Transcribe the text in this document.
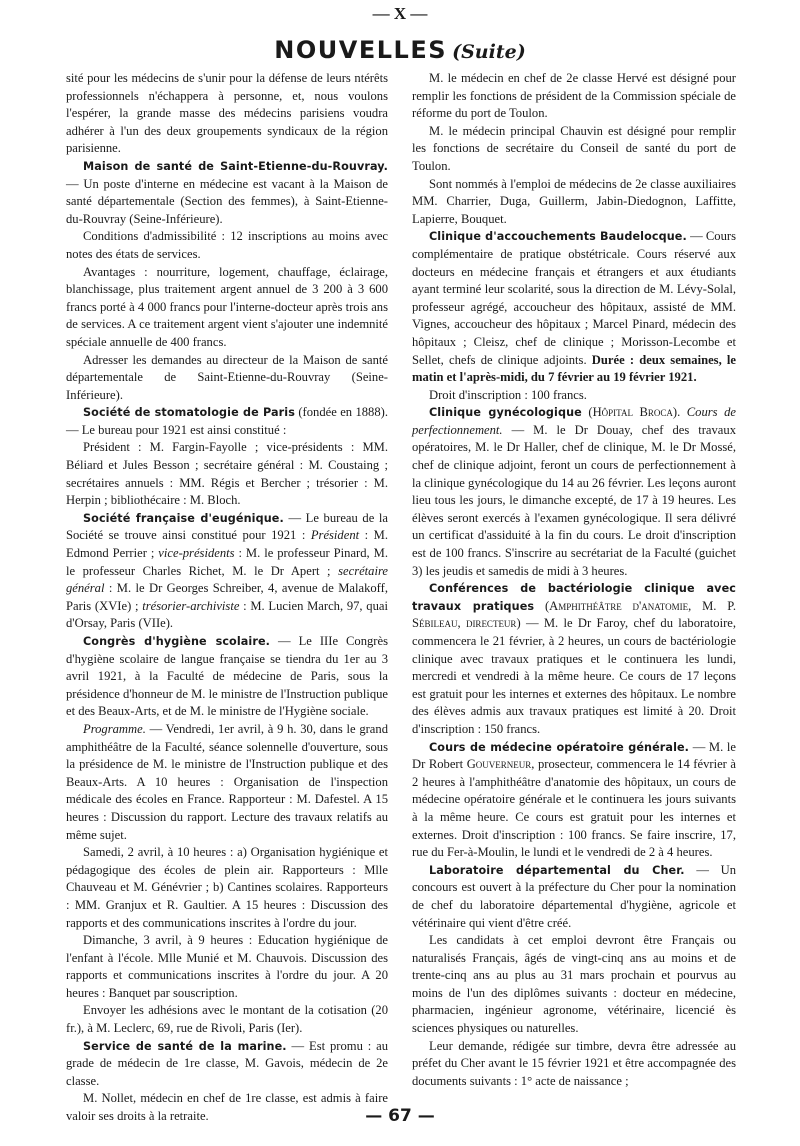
— X —
NOUVELLES (Suite)

sité pour les médecins de s'unir pour la défense de leurs ntérêts professionnels n'échappera à personne, et, nous voulons l'espérer, la grande masse des médecins parisiens voudra adhérer à l'un des deux groupements syndicaux de la région parisienne.

Maison de santé de Saint-Etienne-du-Rouvray. — Un poste d'interne en médecine est vacant à la Maison de santé départementale (Section des femmes), à Saint-Etienne-du-Rouvray (Seine-Inférieure).

Conditions d'admissibilité : 12 inscriptions au moins avec notes des états de services.

Avantages : nourriture, logement, chauffage, éclairage, blanchissage, plus traitement argent annuel de 3 200 à 3 600 francs porté à 4 000 francs pour l'interne-docteur après trois ans de services. A ce traitement argent vient s'ajouter une indemnité spéciale annuelle de 400 francs.

Adresser les demandes au directeur de la Maison de santé départementale de Saint-Etienne-du-Rouvray (Seine-Inférieure).

Société de stomatologie de Paris (fondée en 1888). — Le bureau pour 1921 est ainsi constitué :

Président : M. Fargin-Fayolle ; vice-présidents : MM. Béliard et Jules Besson ; secrétaire général : M. Coustaing ; secrétaires annuels : MM. Régis et Bercher ; trésorier : M. Herpin ; bibliothécaire : M. Bloch.

Société française d'eugénique. — Le bureau de la Société se trouve ainsi constitué pour 1921 : Président : M. Edmond Perrier ; vice-présidents : M. le professeur Pinard, M. le professeur Charles Richet, M. le Dr Apert ; secrétaire général : M. le Dr Georges Schreiber, 4, avenue de Malakoff, Paris (XVIe) ; trésorier-archiviste : M. Lucien March, 97, quai d'Orsay, Paris (VIIe).

Congrès d'hygiène scolaire. — Le IIIe Congrès d'hygiène scolaire de langue française se tiendra du 1er au 3 avril 1921, à la Faculté de médecine de Paris, sous la présidence d'honneur de M. le ministre de l'Instruction publique et des Beaux-Arts, et de M. le ministre de l'Hygiène sociale.

Programme. — Vendredi, 1er avril, à 9 h. 30, dans le grand amphithéâtre de la Faculté, séance solennelle d'ouverture, sous la présidence de M. le ministre de l'Instruction publique et des Beaux-Arts. A 10 heures : Organisation de l'inspection médicale des écoles en France. Rapporteur : M. Dafestel. A 15 heures : Discussion du rapport. Lecture des travaux relatifs au même sujet.

Samedi, 2 avril, à 10 heures : a) Organisation hygiénique et pédagogique des écoles de plein air. Rapporteurs : Mlle Chauveau et M. Génévrier ; b) Cantines scolaires. Rapporteurs : MM. Granjux et R. Gaultier. A 15 heures : Discussion des rapports et des communications inscrites à l'ordre du jour.

Dimanche, 3 avril, à 9 heures : Education hygiénique de l'enfant à l'école. Mlle Munié et M. Chauvois. Discussion des rapports et communications inscrites à l'ordre du jour. A 20 heures : Banquet par souscription.

Envoyer les adhésions avec le montant de la cotisation (20 fr.), à M. Leclerc, 69, rue de Rivoli, Paris (Ier).

Service de santé de la marine. — Est promu : au grade de médecin de 1re classe, M. Gavois, médecin de 2e classe.

M. Nollet, médecin en chef de 1re classe, est admis à faire valoir ses droits à la retraite.

M. le médecin en chef de 2e classe Hervé est désigné pour remplir les fonctions de président de la Commission spéciale de réforme du port de Toulon.

M. le médecin principal Chauvin est désigné pour remplir les fonctions de secrétaire du Conseil de santé du port de Toulon.

Sont nommés à l'emploi de médecins de 2e classe auxiliaires MM. Charrier, Duga, Guillerm, Jabin-Diedognon, Laffitte, Lapierre, Bouquet.

Clinique d'accouchements Baudelocque. — Cours complémentaire de pratique obstétricale. Cours réservé aux docteurs en médecine français et étrangers et aux étudiants ayant terminé leur scolarité, sous la direction de M. Lévy-Solal, professeur agrégé, accoucheur des hôpitaux, assisté de MM. Vignes, accoucheur des hôpitaux ; Marcel Pinard, médecin des hôpitaux ; Cleisz, chef de clinique ; Morisson-Lecombe et Sellet, chefs de clinique adjoints. Durée : deux semaines, le matin et l'après-midi, du 7 février au 19 février 1921.

Droit d'inscription : 100 francs.

Clinique gynécologique (Hôpital Broca). Cours de perfectionnement. — M. le Dr Douay, chef des travaux opératoires, M. le Dr Haller, chef de clinique, M. le Dr Mossé, chef de clinique adjoint, feront un cours de perfectionnement à la clinique gynécologique du 14 au 26 février. Les leçons auront lieu tous les jours, le dimanche excepté, de 17 à 19 heures. Les élèves seront exercés à l'examen gynécologique. Il sera délivré un certificat d'assiduité à la fin du cours. Le droit d'inscription est de 100 francs. S'inscrire au secrétariat de la Faculté (guichet 3) les jeudis et samedis de midi à 3 heures.

Conférences de bactériologie clinique avec travaux pratiques (Amphithéâtre d'anatomie, M. P. Sébileau, directeur) — M. le Dr Faroy, chef du laboratoire, commencera le 21 février, à 2 heures, un cours de bactériologie clinique avec travaux pratiques et le continuera les lundi, mercredi et vendredi à la même heure. Ce cours de 17 leçons est gratuit pour les internes et externes des hôpitaux. Le nombre des élèves admis aux travaux pratiques est limité à 20. Droit d'inscription : 150 francs.

Cours de médecine opératoire générale. — M. le Dr Robert Gouverneur, prosecteur, commencera le 14 février à 2 heures à l'amphithéâtre d'anatomie des hôpitaux, un cours de médecine opératoire générale et le continuera les jours suivants à la même heure. Ce cours est gratuit pour les internes et externes. Droit d'inscription : 100 francs. Se faire inscrire, 17, rue du Fer-à-Moulin, le lundi et le vendredi de 2 à 4 heures.

Laboratoire départemental du Cher. — Un concours est ouvert à la préfecture du Cher pour la nomination de chef du laboratoire départemental d'hygiène, agricole et vétérinaire qui vient d'être créé.

Les candidats à cet emploi devront être Français ou naturalisés Français, âgés de vingt-cinq ans au moins et de trente-cinq ans au plus au 31 mars prochain et pourvus au moins de l'un des diplômes suivants : docteur en médecine, pharmacien, ingénieur agronome, vétérinaire, licencié ès sciences physiques ou naturelles.

Leur demande, rédigée sur timbre, devra être adressée au préfet du Cher avant le 15 février 1921 et être accompagnée des documents suivants : 1° acte de naissance ;

— 67 —
